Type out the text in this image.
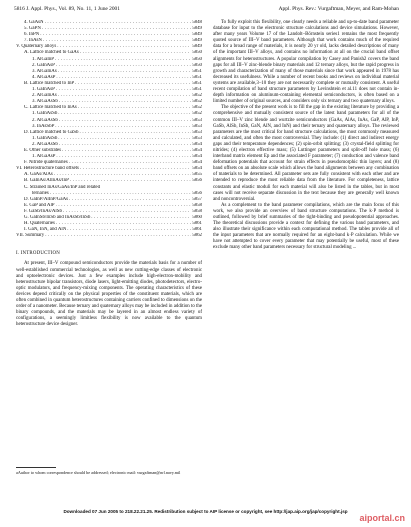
5816 J. Appl. Phys., Vol. 89, No. 11, 1 June 2001	Appl. Phys. Rev.: Vurgaftman, Meyer, and Ram-Mohan
4. GaAsN . . .	5848
5. GaPN . . .	5849
6. InPN . . .	5849
7. InAsN . . .	5849
V. Quaternary alloys . . .	5849
A. Lattice matched to GaAs . . .	5850
1. AlGaInP . . .	5850
2. GaInAsP . . .	5850
3. AlGaInAs . . .	5851
4. AlGaAsP . . .	5851
B. Lattice matched to InP . . .	5851
1. GaInAsP . . .	5851
2. AlGaInAs . . .	5852
3. AlGaAsSb . . .	5852
C. Lattice matched to InAs . . .	5852
1. GaInAsSb . . .	5852
2. AlGaAsSb . . .	5853
3. InAsSbP . . .	5853
D. Lattice matched to GaSb . . .	5853
1. GaInAsSb . . .	5853
2. AlGaAsSb . . .	5854
E. Other substrates . . .	5854
1. AlGaAsP . . .	5854
F. Nitride quaternaries . . .	5854
VI. Heterostructure band offsets . . .	5854
A. GaAs/AlAs . . .	5855
B. GaInAs/AlInAs/InP . . .	5856
C. Strained InAs/GaAs/InP and related
ternaries . . .	5856
D. GaInP/AlInP/GaAs . . .	5857
E. GaP and AlP . . .	5858
F. GaSb/InAs/AlSb . . .	5858
G. GaInSb/InSb and InAsSb/InSb . . .	5860
H. Quaternaries . . .	5861
I. GaN, InN, and AlN . . .	5861
VII. Summary . . .	5862
I. INTRODUCTION

At present, III–V compound semiconductors provide the materials basis for a number of well-established commercial technologies, as well as new cutting-edge classes of electronic and optoelectronic devices. Just a few examples include high-electron-mobility and heterostructure bipolar transistors, diode lasers, light-emitting diodes, photodetectors, electro-optic modulators, and frequency-mixing components. The operating characteristics of these devices depend critically on the physical properties of the constituent materials, which are often combined in quantum heterostructures containing carriers confined to dimensions on the order of a nanometer. Because ternary and quaternary alloys may be included in addition to the binary compounds, and the materials may be layered in an almost endless variety of configurations, a seemingly limitless flexibility is now available to the quantum heterostructure device designer.

aAuthor to whom correspondence should be addressed; electronic mail: vurgaftman@nrl.navy.mil

To fully exploit this flexibility, one clearly needs a reliable and up-to-date band parameter database for input to the electronic structure calculations and device simulations. However, after many years Volume 17 of the Landolt–Börnstein series1 remains the most frequently quoted source of III–V band parameters. Although that work contains much of the required data for a broad range of materials, it is nearly 20 yr old, lacks detailed descriptions of many of the important III–V alloys, and contains no information at all on the crucial band offset alignments for heterostructures. A popular compilation by Casey and Panish2 covers the band gaps for all III–V zinc-blende binary materials and 12 ternary alloys, but the rapid progress in growth and characterization of many of those materials since that work appeared in 1978 has decreased its usefulness. While a number of recent books and reviews on individual material systems are available,3–10 they are not necessarily complete or mutually consistent. A useful recent compilation of band structure parameters by Levinshtein et al.11 does not contain in-depth information on aluminum-containing elemental semiconductors, is often based on a limited number of original sources, and considers only six ternary and two quaternary alloys.

The objective of the present work is to fill the gap in the existing literature by providing a comprehensive and mutually consistent source of the latest band parameters for all of the common III–V zinc blende and wurtzite semiconductors (GaAs, AlAs, InAs, GaP, AlP, InP, GaSb, AlSb, InSb, GaN, AlN, and InN) and their ternary and quaternary alloys. The reviewed parameters are the most critical for band structure calculations, the most commonly measured and calculated, and often the most controversial. They include: (1) direct and indirect energy gaps and their temperature dependences; (2) spin-orbit splitting; (3) crystal-field splitting for nitrides; (4) electron effective mass; (5) Luttinger parameters and split-off hole mass; (6) interband matrix element Ep and the associated F parameter; (7) conduction and valence band deformation potentials that account for strain effects in pseudomorphic thin layers; and (8) band offsets on an absolute scale which allows the band alignments between any combination of materials to be determined. All parameter sets are fully consistent with each other and are intended to reproduce the most reliable data from the literature. For completeness, lattice constants and elastic moduli for each material will also be listed in the tables, but in most cases will not receive separate discussion in the text because they are generally well known and noncontroversial.

As a complement to the band parameter compilations, which are the main focus of this work, we also provide an overview of band structure computations. The k·P method is outlined, followed by brief summaries of the tight-binding and pseudopotential approaches. The theoretical discussions provide a context for defining the various band parameters, and also illustrate their significance within each computational method. The tables provide all of the input parameters that are normally required for an eight-band k·P calculation. While we have not attempted to cover every parameter that may potentially be useful, most of these exclude many other band parameters necessary for structural modeling ...

Downloaded 07 Jun 2005 to 218.22.21.25. Redistribution subject to AIP license or copyright, see http://jap.aip.org/jap/copyright.jsp
aiportal.cn
